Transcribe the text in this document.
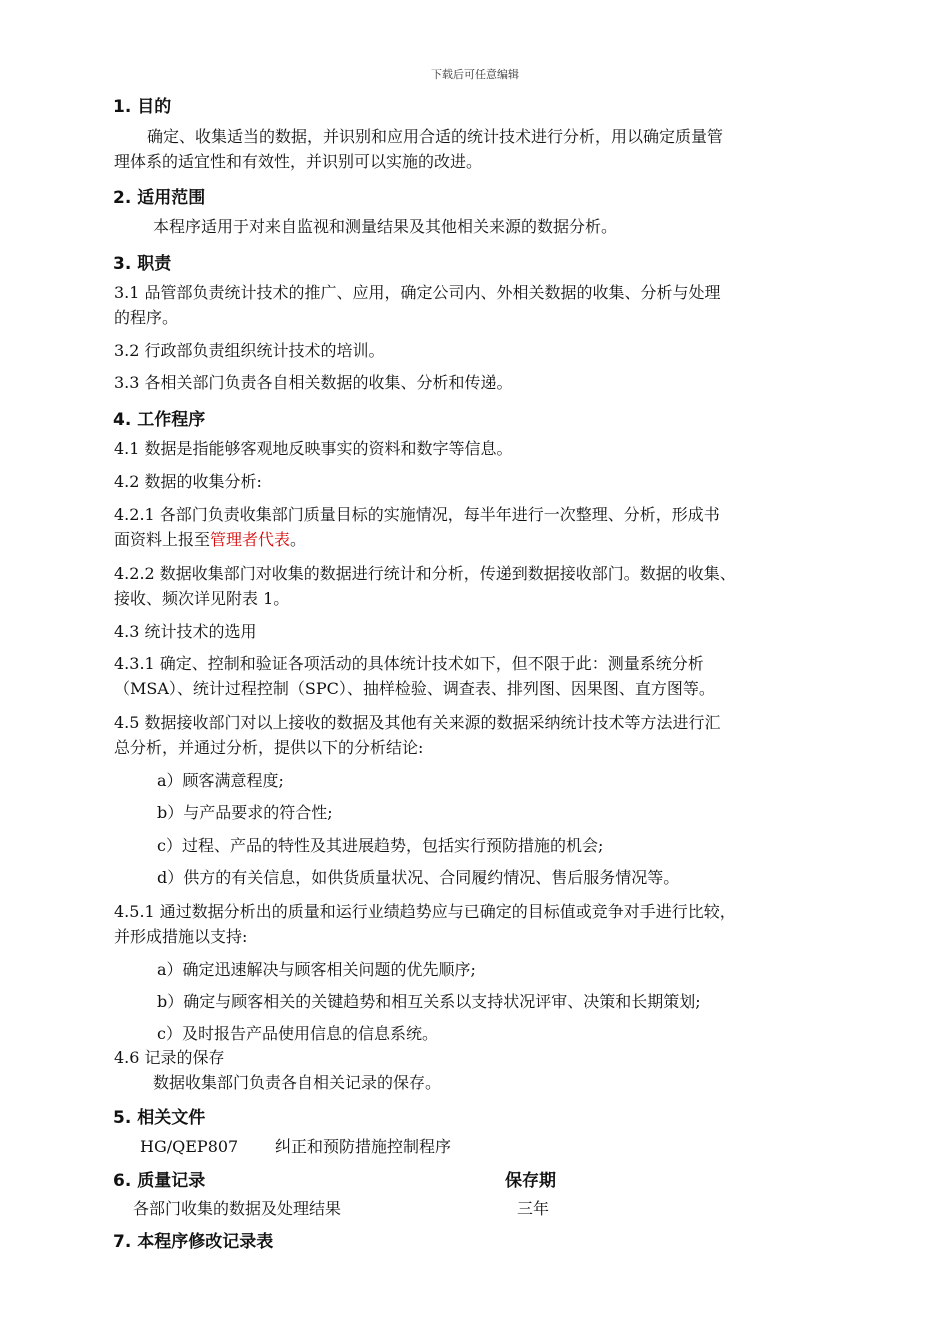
下载后可任意编辑
1. 目的
确定、收集适当的数据，并识别和应用合适的统计技术进行分析，用以确定质量管
理体系的适宜性和有效性，并识别可以实施的改进。
2. 适用范围
本程序适用于对来自监视和测量结果及其他相关来源的数据分析。
3. 职责
3.1 品管部负责统计技术的推广、应用，确定公司内、外相关数据的收集、分析与处理
的程序。
3.2 行政部负责组织统计技术的培训。
3.3 各相关部门负责各自相关数据的收集、分析和传递。
4. 工作程序
4.1 数据是指能够客观地反映事实的资料和数字等信息。
4.2 数据的收集分析:
4.2.1 各部门负责收集部门质量目标的实施情况，每半年进行一次整理、分析，形成书
面资料上报至管理者代表。
4.2.2 数据收集部门对收集的数据进行统计和分析，传递到数据接收部门。数据的收集、
接收、频次详见附表 1。
4.3 统计技术的选用
4.3.1 确定、控制和验证各项活动的具体统计技术如下，但不限于此：测量系统分析
（MSA）、统计过程控制（SPC）、抽样检验、调查表、排列图、因果图、直方图等。
4.5 数据接收部门对以上接收的数据及其他有关来源的数据采纳统计技术等方法进行汇
总分析，并通过分析，提供以下的分析结论:
a）顾客满意程度;
b）与产品要求的符合性;
c）过程、产品的特性及其进展趋势，包括实行预防措施的机会;
d）供方的有关信息，如供货质量状况、合同履约情况、售后服务情况等。
4.5.1 通过数据分析出的质量和运行业绩趋势应与已确定的目标值或竞争对手进行比较，
并形成措施以支持:
a）确定迅速解决与顾客相关问题的优先顺序;
b）确定与顾客相关的关键趋势和相互关系以支持状况评审、决策和长期策划;
c）及时报告产品使用信息的信息系统。
4.6 记录的保存
数据收集部门负责各自相关记录的保存。
5. 相关文件
HG/QEP807 纠正和预防措施控制程序
6. 质量记录	保存期
各部门收集的数据及处理结果	三年
7. 本程序修改记录表
